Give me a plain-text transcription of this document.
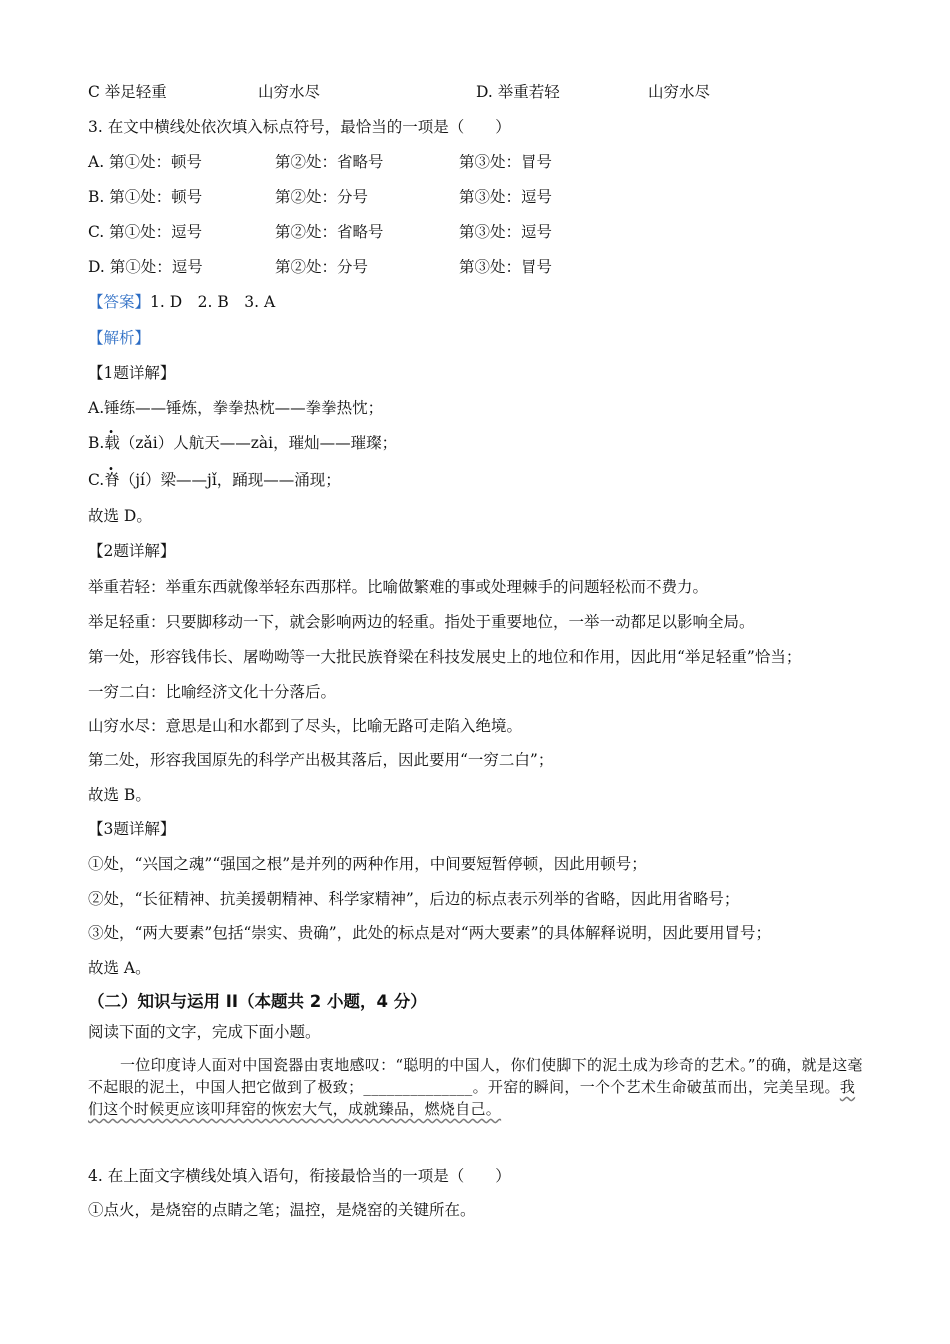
C 举足轻重	山穷水尽	D. 举重若轻	山穷水尽
3. 在文中横线处依次填入标点符号，最恰当的一项是（　　）
A. 第①处：顿号	第②处：省略号	第③处：冒号
B. 第①处：顿号	第②处：分号	第③处：逗号
C. 第①处：逗号	第②处：省略号	第③处：逗号
D. 第①处：逗号	第②处：分号	第③处：冒号
【答案】1. D　2. B　3. A
【解析】
【1题详解】
A.锤练——锤炼，拳拳热枕——拳拳热忱；
B.载（zǎi）人航天——zài，璀灿——璀璨；
C.脊（jí）梁——jǐ，踊现——涌现；
故选 D。
【2题详解】
举重若轻：举重东西就像举轻东西那样。比喻做繁难的事或处理棘手的问题轻松而不费力。
举足轻重：只要脚移动一下，就会影响两边的轻重。指处于重要地位，一举一动都足以影响全局。
第一处，形容钱伟长、屠呦呦等一大批民族脊梁在科技发展史上的地位和作用，因此用“举足轻重”恰当；
一穷二白：比喻经济文化十分落后。
山穷水尽：意思是山和水都到了尽头，比喻无路可走陷入绝境。
第二处，形容我国原先的科学产出极其落后，因此要用“一穷二白”；
故选 B。
【3题详解】
①处，“兴国之魂”“强国之根”是并列的两种作用，中间要短暂停顿，因此用顿号；
②处，“长征精神、抗美援朝精神、科学家精神”，后边的标点表示列举的省略，因此用省略号；
③处，“两大要素”包括“崇实、贵确”，此处的标点是对“两大要素”的具体解释说明，因此要用冒号；
故选 A。
（二）知识与运用 II（本题共 2 小题，4 分）
阅读下面的文字，完成下面小题。
一位印度诗人面对中国瓷器由衷地感叹：“聪明的中国人，你们使脚下的泥土成为珍奇的艺术。”的确，就是这毫不起眼的泥土，中国人把它做到了极致；______________。开窑的瞬间，一个个艺术生命破茧而出，完美呈现。我们这个时候更应该叩拜窑的恢宏大气，成就臻品，燃烧自己。
4. 在上面文字横线处填入语句，衔接最恰当的一项是（　　）
①点火，是烧窑的点睛之笔；温控，是烧窑的关键所在。
